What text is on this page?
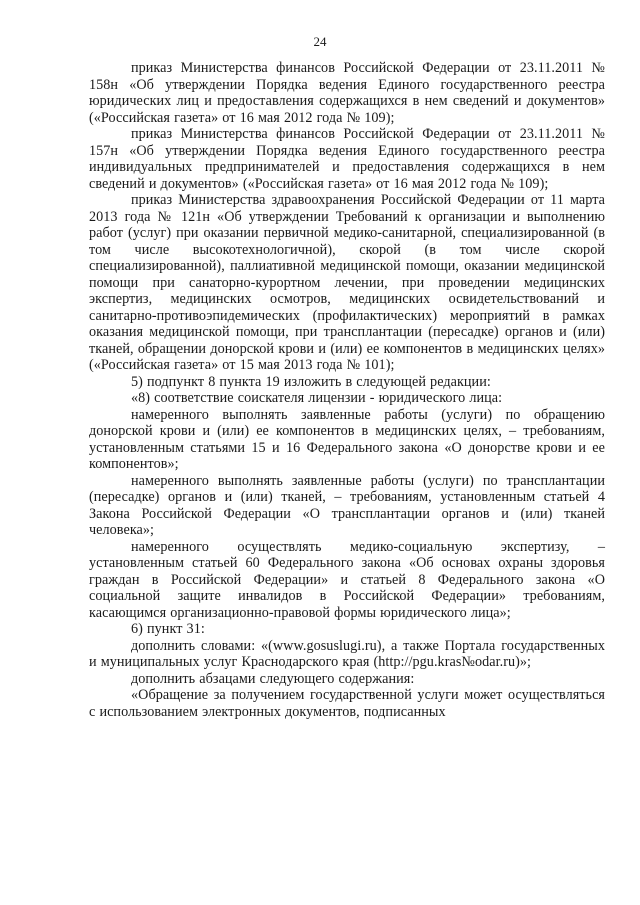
24

приказ Министерства финансов Российской Федерации от 23.11.2011 № 158н «Об утверждении Порядка ведения Единого государственного реестра юридических лиц и предоставления содержащихся в нем сведений и документов» («Российская газета» от 16 мая 2012 года № 109);

приказ Министерства финансов Российской Федерации от 23.11.2011 № 157н «Об утверждении Порядка ведения Единого государственного реестра индивидуальных предпринимателей и предоставления содержащихся в нем сведений и документов» («Российская газета» от 16 мая 2012 года № 109);

приказ Министерства здравоохранения Российской Федерации от 11 марта 2013 года № 121н «Об утверждении Требований к организации и выполнению работ (услуг) при оказании первичной медико-санитарной, специализированной (в том числе высокотехнологичной), скорой (в том числе скорой специализированной), паллиативной медицинской помощи, оказании медицинской помощи при санаторно-курортном лечении, при проведении медицинских экспертиз, медицинских осмотров, медицинских освидетельствований и санитарно-противоэпидемических (профилактических) мероприятий в рамках оказания медицинской помощи, при трансплантации (пересадке) органов и (или) тканей, обращении донорской крови и (или) ее компонентов в медицинских целях» («Российская газета» от 15 мая 2013 года № 101);

5) подпункт 8 пункта 19 изложить в следующей редакции:

«8) соответствие соискателя лицензии - юридического лица:

намеренного выполнять заявленные работы (услуги) по обращению донорской крови и (или) ее компонентов в медицинских целях, – требованиям, установленным статьями 15 и 16 Федерального закона «О донорстве крови и ее компонентов»;

намеренного выполнять заявленные работы (услуги) по трансплантации (пересадке) органов и (или) тканей, – требованиям, установленным статьей 4 Закона Российской Федерации «О трансплантации органов и (или) тканей человека»;

намеренного осуществлять медико-социальную экспертизу, – установленным статьей 60 Федерального закона «Об основах охраны здоровья граждан в Российской Федерации» и статьей 8 Федерального закона «О социальной защите инвалидов в Российской Федерации» требованиям, касающимся организационно-правовой формы юридического лица»;

6) пункт 31:

дополнить словами: «(www.gosuslugi.ru), а также Портала государственных и муниципальных услуг Краснодарского края (http://pgu.kras№odar.ru)»;

дополнить абзацами следующего содержания:

«Обращение за получением государственной услуги может осуществляться с использованием электронных документов, подписанных
